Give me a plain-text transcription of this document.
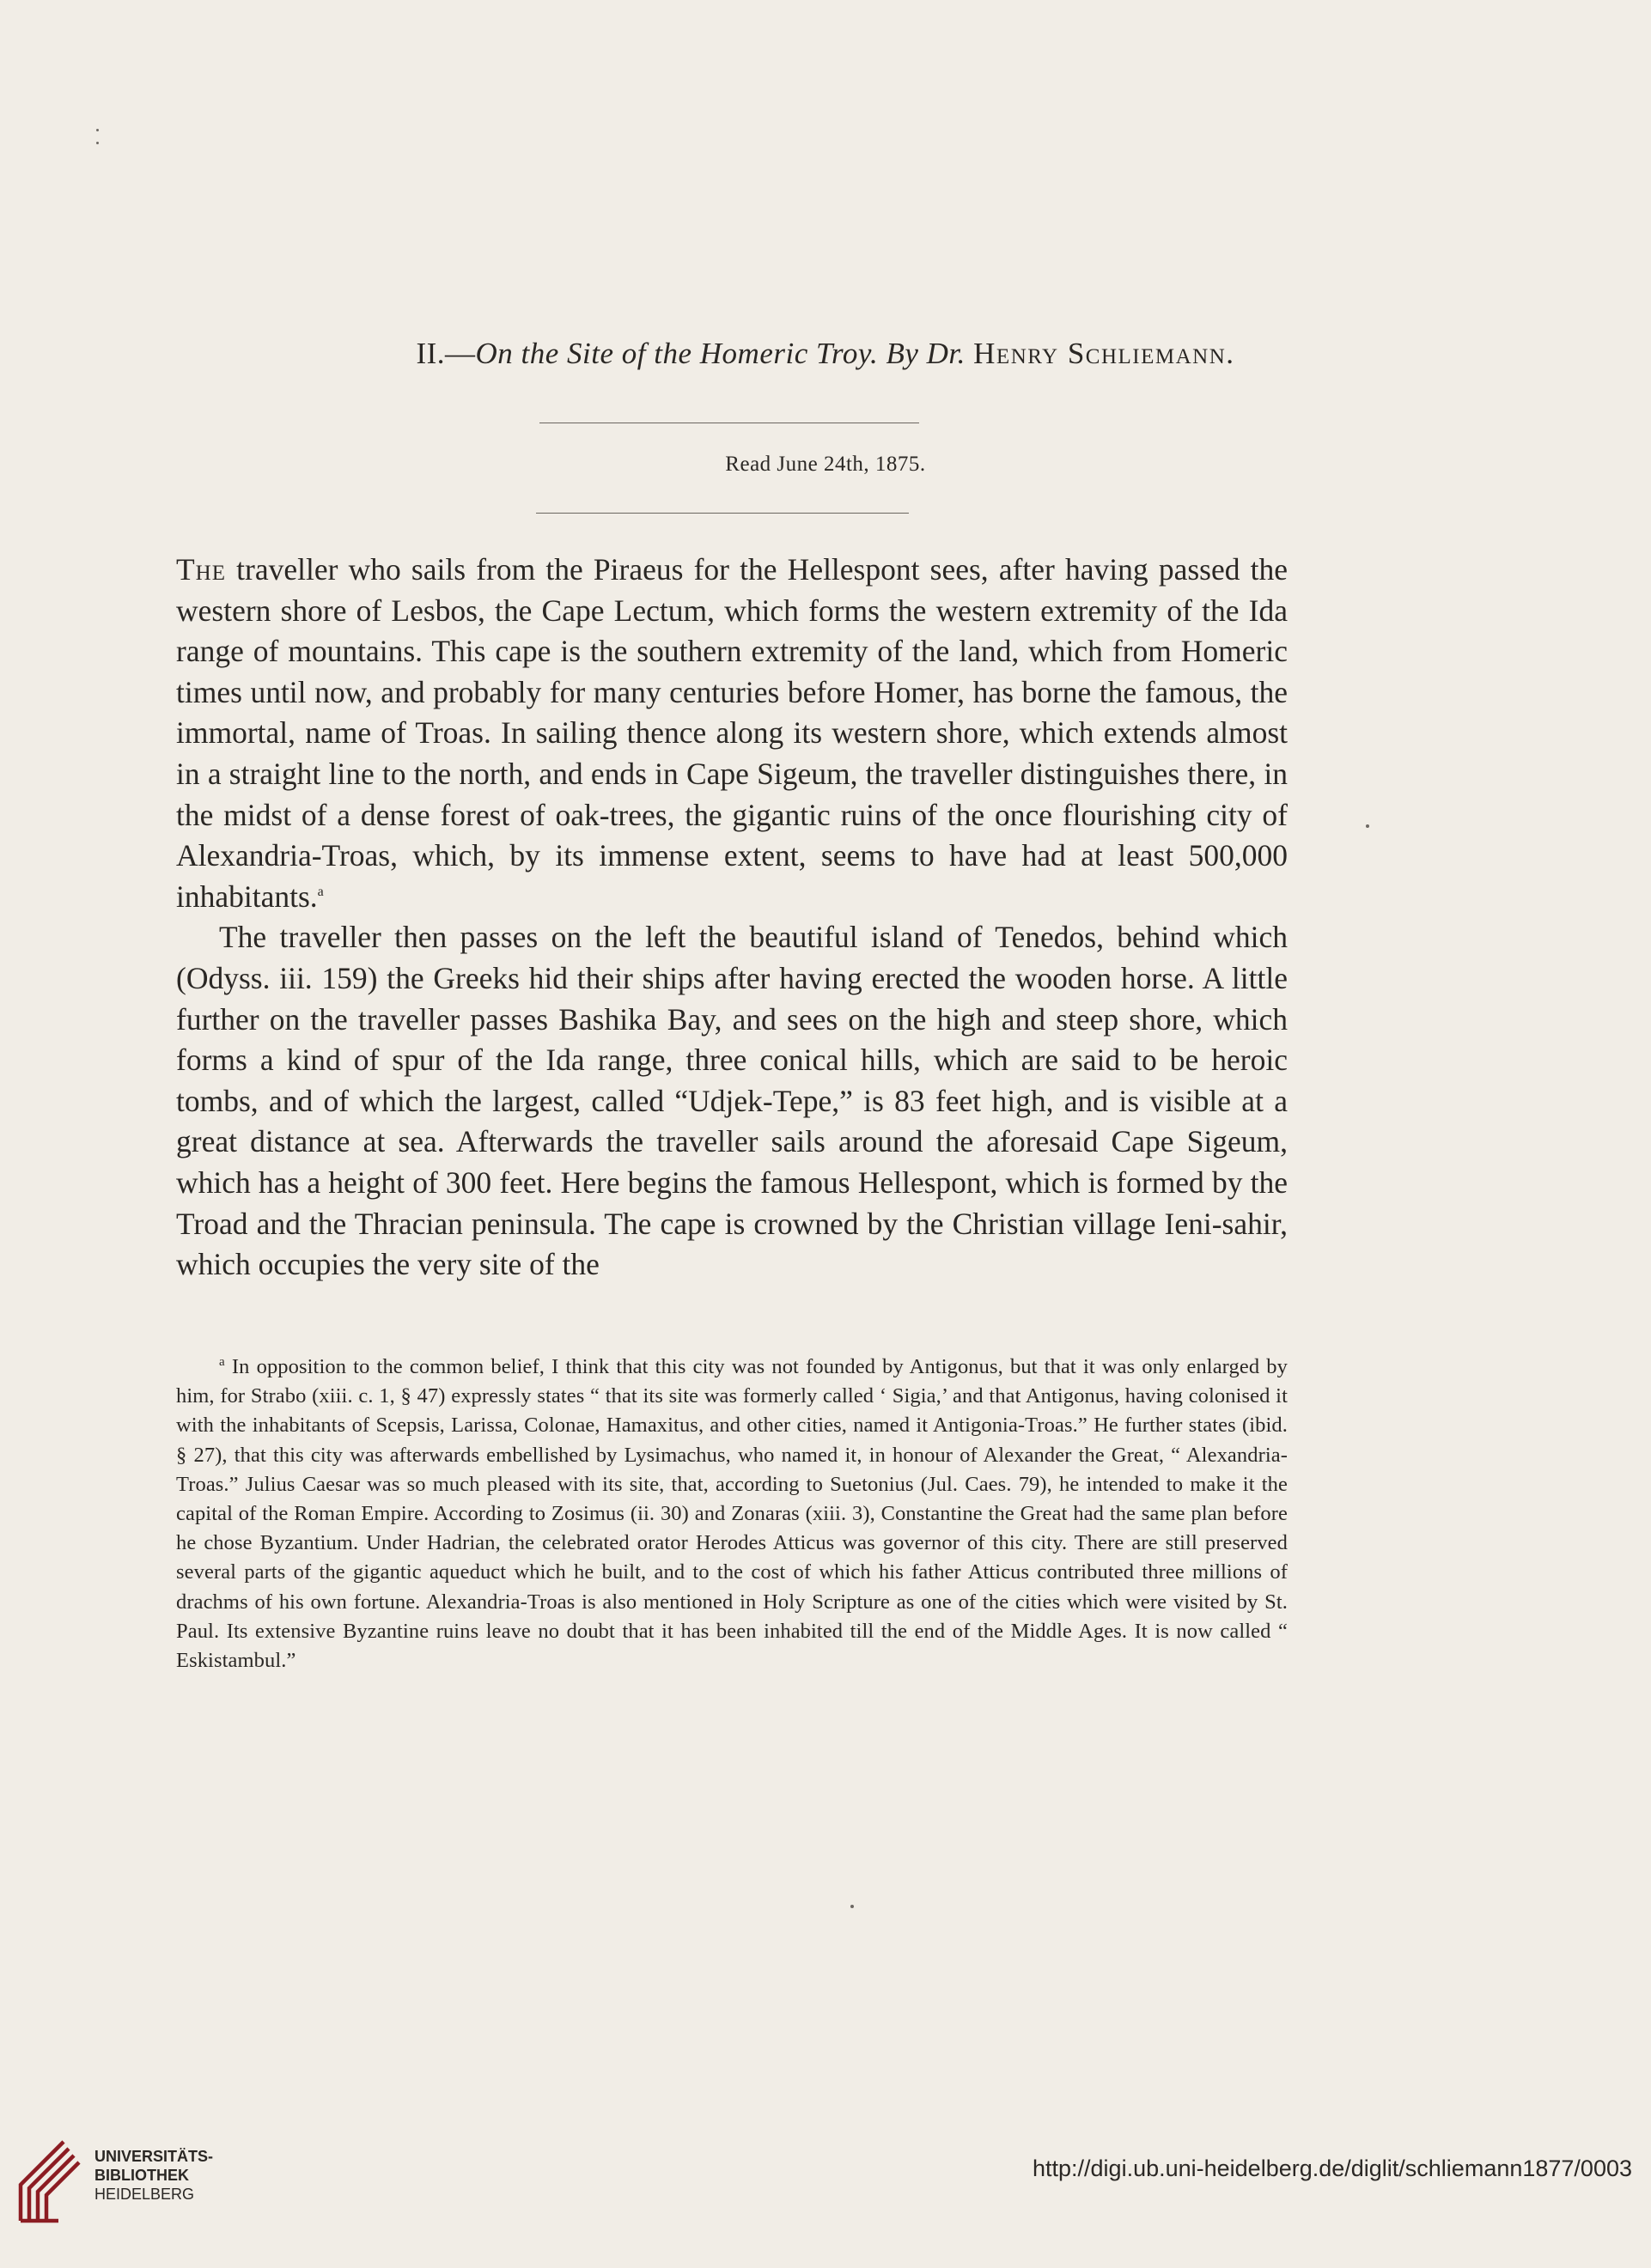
II.—On the Site of the Homeric Troy. By Dr. Henry Schliemann.
Read June 24th, 1875.

The traveller who sails from the Piraeus for the Hellespont sees, after having passed the western shore of Lesbos, the Cape Lectum, which forms the western extremity of the Ida range of mountains. This cape is the southern extremity of the land, which from Homeric times until now, and probably for many centuries before Homer, has borne the famous, the immortal, name of Troas. In sailing thence along its western shore, which extends almost in a straight line to the north, and ends in Cape Sigeum, the traveller distinguishes there, in the midst of a dense forest of oak-trees, the gigantic ruins of the once flourishing city of Alexandria-Troas, which, by its immense extent, seems to have had at least 500,000 inhabitants.$^a$

The traveller then passes on the left the beautiful island of Tenedos, behind which (Odyss. iii. 159) the Greeks hid their ships after having erected the wooden horse. A little further on the traveller passes Bashika Bay, and sees on the high and steep shore, which forms a kind of spur of the Ida range, three conical hills, which are said to be heroic tombs, and of which the largest, called “Udjek-Tepe,” is 83 feet high, and is visible at a great distance at sea. Afterwards the traveller sails around the aforesaid Cape Sigeum, which has a height of 300 feet. Here begins the famous Hellespont, which is formed by the Troad and the Thracian peninsula. The cape is crowned by the Christian village Ieni-sahir, which occupies the very site of the

$^a$ In opposition to the common belief, I think that this city was not founded by Antigonus, but that it was only enlarged by him, for Strabo (xiii. c. 1, § 47) expressly states “ that its site was formerly called ‘ Sigia,’ and that Antigonus, having colonised it with the inhabitants of Scepsis, Larissa, Colonae, Hamaxitus, and other cities, named it Antigonia-Troas.” He further states (ibid. § 27), that this city was afterwards embellished by Lysimachus, who named it, in honour of Alexander the Great, “ Alexandria-Troas.” Julius Caesar was so much pleased with its site, that, according to Suetonius (Jul. Caes. 79), he intended to make it the capital of the Roman Empire. According to Zosimus (ii. 30) and Zonaras (xiii. 3), Constantine the Great had the same plan before he chose Byzantium. Under Hadrian, the celebrated orator Herodes Atticus was governor of this city. There are still preserved several parts of the gigantic aqueduct which he built, and to the cost of which his father Atticus contributed three millions of drachms of his own fortune. Alexandria-Troas is also mentioned in Holy Scripture as one of the cities which were visited by St. Paul. Its extensive Byzantine ruins leave no doubt that it has been inhabited till the end of the Middle Ages. It is now called “ Eskistambul.”
UNIVERSITÄTS-
BIBLIOTHEK
HEIDELBERG
http://digi.ub.uni-heidelberg.de/diglit/schliemann1877/0003
